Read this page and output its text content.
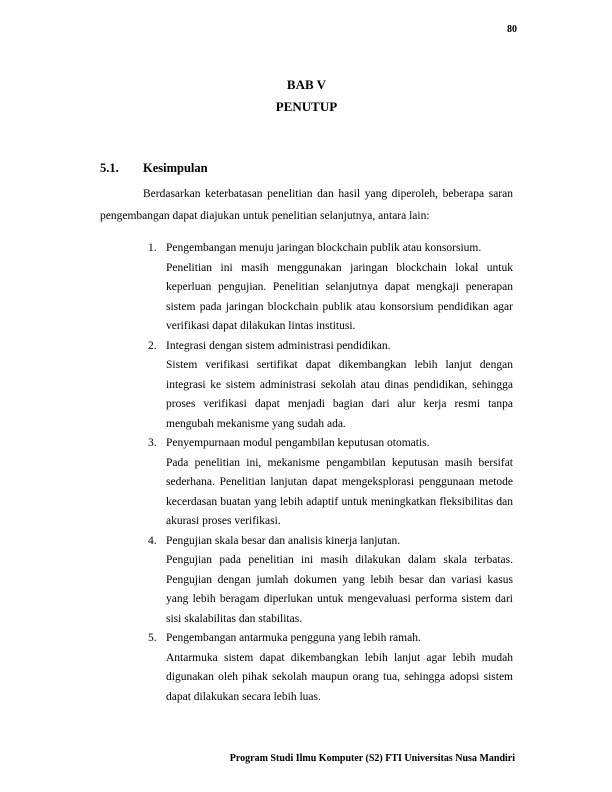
80
BAB V
PENUTUP
5.1.	Kesimpulan
Berdasarkan keterbatasan penelitian dan hasil yang diperoleh, beberapa saran pengembangan dapat diajukan untuk penelitian selanjutnya, antara lain:
1. Pengembangan menuju jaringan blockchain publik atau konsorsium.
Penelitian ini masih menggunakan jaringan blockchain lokal untuk keperluan pengujian. Penelitian selanjutnya dapat mengkaji penerapan sistem pada jaringan blockchain publik atau konsorsium pendidikan agar verifikasi dapat dilakukan lintas institusi.
2. Integrasi dengan sistem administrasi pendidikan.
Sistem verifikasi sertifikat dapat dikembangkan lebih lanjut dengan integrasi ke sistem administrasi sekolah atau dinas pendidikan, sehingga proses verifikasi dapat menjadi bagian dari alur kerja resmi tanpa mengubah mekanisme yang sudah ada.
3. Penyempurnaan modul pengambilan keputusan otomatis.
Pada penelitian ini, mekanisme pengambilan keputusan masih bersifat sederhana. Penelitian lanjutan dapat mengeksplorasi penggunaan metode kecerdasan buatan yang lebih adaptif untuk meningkatkan fleksibilitas dan akurasi proses verifikasi.
4. Pengujian skala besar dan analisis kinerja lanjutan.
Pengujian pada penelitian ini masih dilakukan dalam skala terbatas. Pengujian dengan jumlah dokumen yang lebih besar dan variasi kasus yang lebih beragam diperlukan untuk mengevaluasi performa sistem dari sisi skalabilitas dan stabilitas.
5. Pengembangan antarmuka pengguna yang lebih ramah.
Antarmuka sistem dapat dikembangkan lebih lanjut agar lebih mudah digunakan oleh pihak sekolah maupun orang tua, sehingga adopsi sistem dapat dilakukan secara lebih luas.
Program Studi Ilmu Komputer (S2) FTI Universitas Nusa Mandiri
